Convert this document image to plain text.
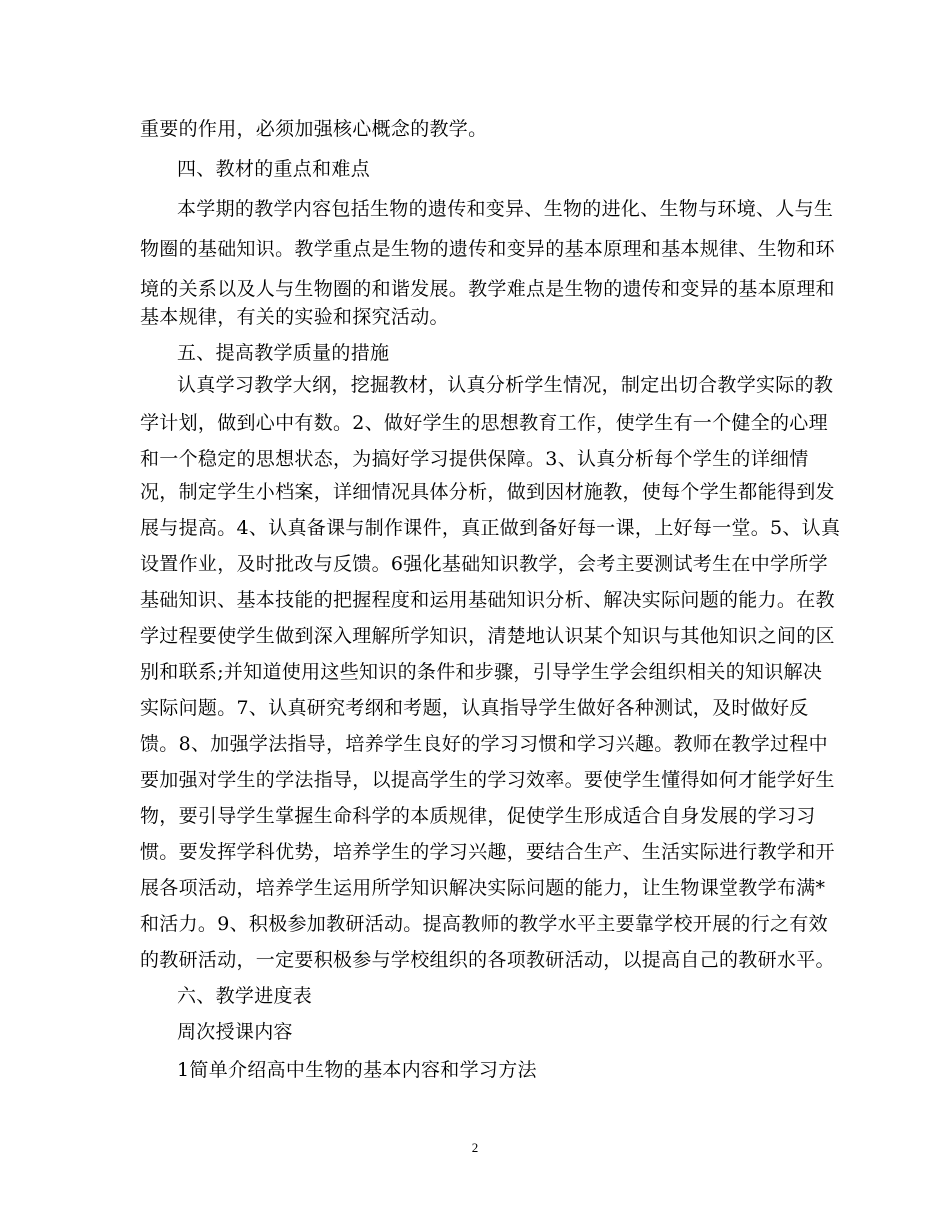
重要的作用，必须加强核心概念的教学。
四、教材的重点和难点
本学期的教学内容包括生物的遗传和变异、生物的进化、生物与环境、人与生
物圈的基础知识。教学重点是生物的遗传和变异的基本原理和基本规律、生物和环
境的关系以及人与生物圈的和谐发展。教学难点是生物的遗传和变异的基本原理和
基本规律，有关的实验和探究活动。
五、提高教学质量的措施
认真学习教学大纲，挖掘教材，认真分析学生情况，制定出切合教学实际的教
学计划，做到心中有数。2、做好学生的思想教育工作，使学生有一个健全的心理
和一个稳定的思想状态，为搞好学习提供保障。3、认真分析每个学生的详细情
况，制定学生小档案，详细情况具体分析，做到因材施教，使每个学生都能得到发
展与提高。4、认真备课与制作课件，真正做到备好每一课，上好每一堂。5、认真
设置作业，及时批改与反馈。6强化基础知识教学，会考主要测试考生在中学所学
基础知识、基本技能的把握程度和运用基础知识分析、解决实际问题的能力。在教
学过程要使学生做到深入理解所学知识，清楚地认识某个知识与其他知识之间的区
别和联系;并知道使用这些知识的条件和步骤，引导学生学会组织相关的知识解决
实际问题。7、认真研究考纲和考题，认真指导学生做好各种测试，及时做好反
馈。8、加强学法指导，培养学生良好的学习习惯和学习兴趣。教师在教学过程中
要加强对学生的学法指导，以提高学生的学习效率。要使学生懂得如何才能学好生
物，要引导学生掌握生命科学的本质规律，促使学生形成适合自身发展的学习习
惯。要发挥学科优势，培养学生的学习兴趣，要结合生产、生活实际进行教学和开
展各项活动，培养学生运用所学知识解决实际问题的能力，让生物课堂教学布满*
和活力。9、积极参加教研活动。提高教师的教学水平主要靠学校开展的行之有效
的教研活动，一定要积极参与学校组织的各项教研活动，以提高自己的教研水平。
六、教学进度表
周次授课内容
1简单介绍高中生物的基本内容和学习方法
2
